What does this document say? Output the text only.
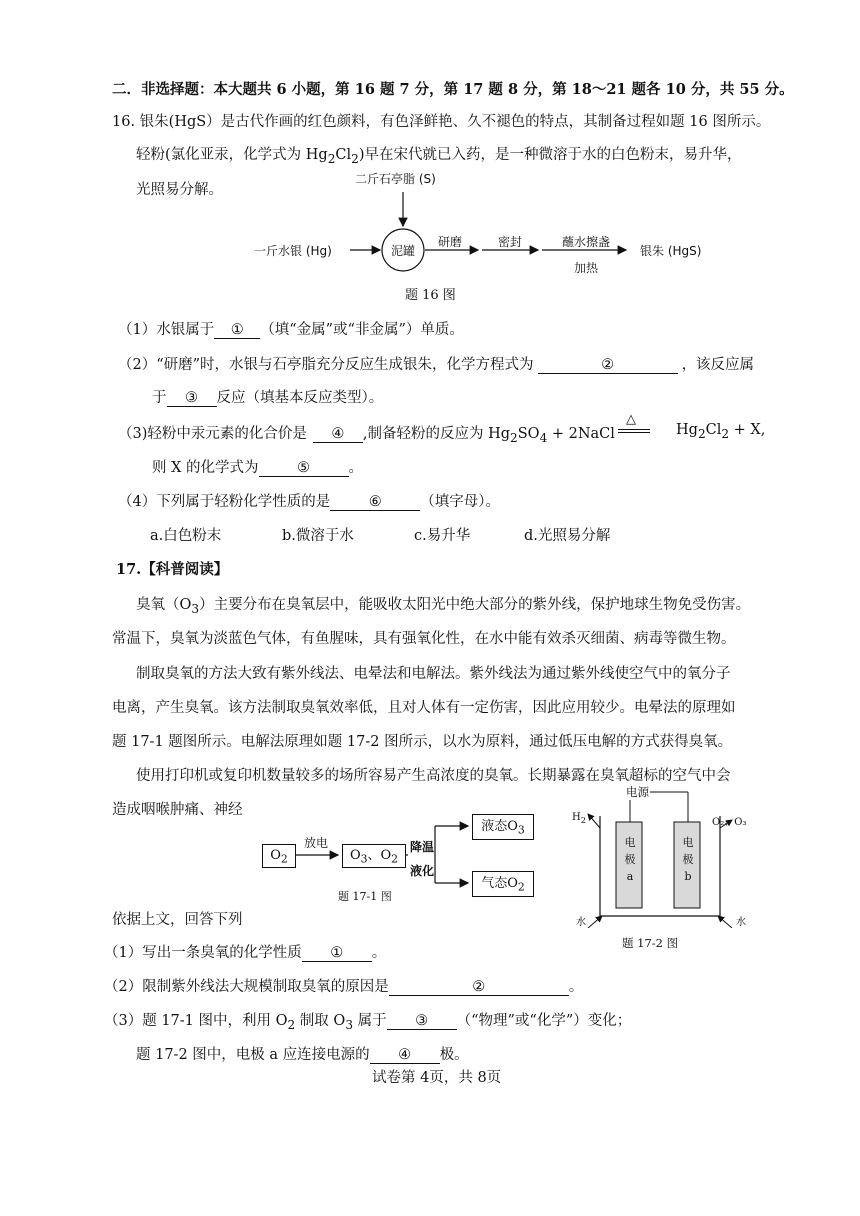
二．非选择题：本大题共 6 小题，第 16 题 7 分，第 17 题 8 分，第 18～21 题各 10 分，共 55 分。
16. 银朱(HgS）是古代作画的红色颜料，有色泽鲜艳、久不褪色的特点，其制备过程如题 16 图所示。
轻粉(氯化亚汞，化学式为 $Hg_2Cl_2$)早在宋代就已入药，是一种微溶于水的白色粉末，易升华，
光照易分解。
二斤石亭脂 (S)
一斤水银 (Hg)	泥罐
研磨	密封	蘸水擦盏
加热
银朱 (HgS)
题 16 图
（1）水银属于 ① （填“金属”或“非金属”）单质。
（2）“研磨”时，水银与石亭脂充分反应生成银朱，化学方程式为	②	，该反应属
于 ③ 反应（填基本反应类型）。
（3)轻粉中汞元素的化合价是 ④ ,制备轻粉的反应为 $Hg_2SO_4$ + 2NaCl
△
$Hg_2Cl_2 + X$,
则 X 的化学式为	⑤	。
（4）下列属于轻粉化学性质的是	⑥	（填字母）。
a.白色粉末	b.微溶于水	c.易升华	d.光照易分解
17.【科普阅读】
臭氧$(O_3)$主要分布在臭氧层中，能吸收太阳光中绝大部分的紫外线，保护地球生物免受伤害。
常温下，臭氧为淡蓝色气体，有鱼腥味，具有强氧化性，在水中能有效杀灭细菌、病毒等微生物。
制取臭氧的方法大致有紫外线法、电晕法和电解法。紫外线法为通过紫外线使空气中的氧分子
电离，产生臭氧。该方法制取臭氧效率低，且对人体有一定伤害，因此应用较少。电晕法的原理如
题 17-1 题图所示。电解法原理如题 17-2 图所示，以水为原料，通过低压电解的方式获得臭氧。
使用打印机或复印机数量较多的场所容易产生高浓度的臭氧。长期暴露在臭氧超标的空气中会
造成咽喉肿痛、神经
$O_2$
放电
$O_3$、$O_2$
降温
液化
液态$O_3$
气态$O_2$
题 17-1 图
电源
$H_2$	O₂、O₃
电
极
a
电
极
b
水	水
题 17-2 图
依据上文，回答下列
（1）写出一条臭氧的化学性质 ① 。
（2）限制紫外线法大规模制取臭氧的原因是	②	。
（3）题 17-1 图中，利用 $O_2$ 制取 $O_3$ 属于 ③ （“物理”或“化学”）变化；
题 17-2 图中，电极 a 应连接电源的 ④ 极。
试卷第 4页，共 8页
